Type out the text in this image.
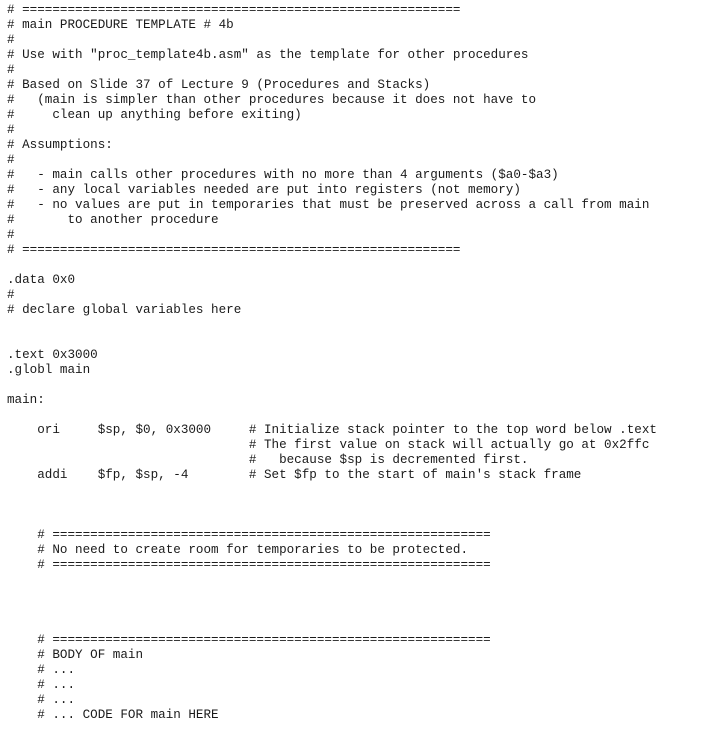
# ==========================================================
# main PROCEDURE TEMPLATE # 4b
#
# Use with "proc_template4b.asm" as the template for other procedures
#
# Based on Slide 37 of Lecture 9 (Procedures and Stacks)
#   (main is simpler than other procedures because it does not have to
#     clean up anything before exiting)
#
# Assumptions:
#
#   - main calls other procedures with no more than 4 arguments ($a0-$a3)
#   - any local variables needed are put into registers (not memory)
#   - no values are put in temporaries that must be preserved across a call from main
#       to another procedure
#
# ==========================================================
.data 0x0
#
# declare global variables here
.text 0x3000
.globl main
main:
ori     $sp, $0, 0x3000     # Initialize stack pointer to the top word below .text
# The first value on stack will actually go at 0x2ffc
#   because $sp is decremented first.
addi    $fp, $sp, -4        # Set $fp to the start of main's stack frame
# ==========================================================
# No need to create room for temporaries to be protected.
# ==========================================================
# ==========================================================
# BODY OF main
# ...
# ...
# ...
# ... CODE FOR main HERE
